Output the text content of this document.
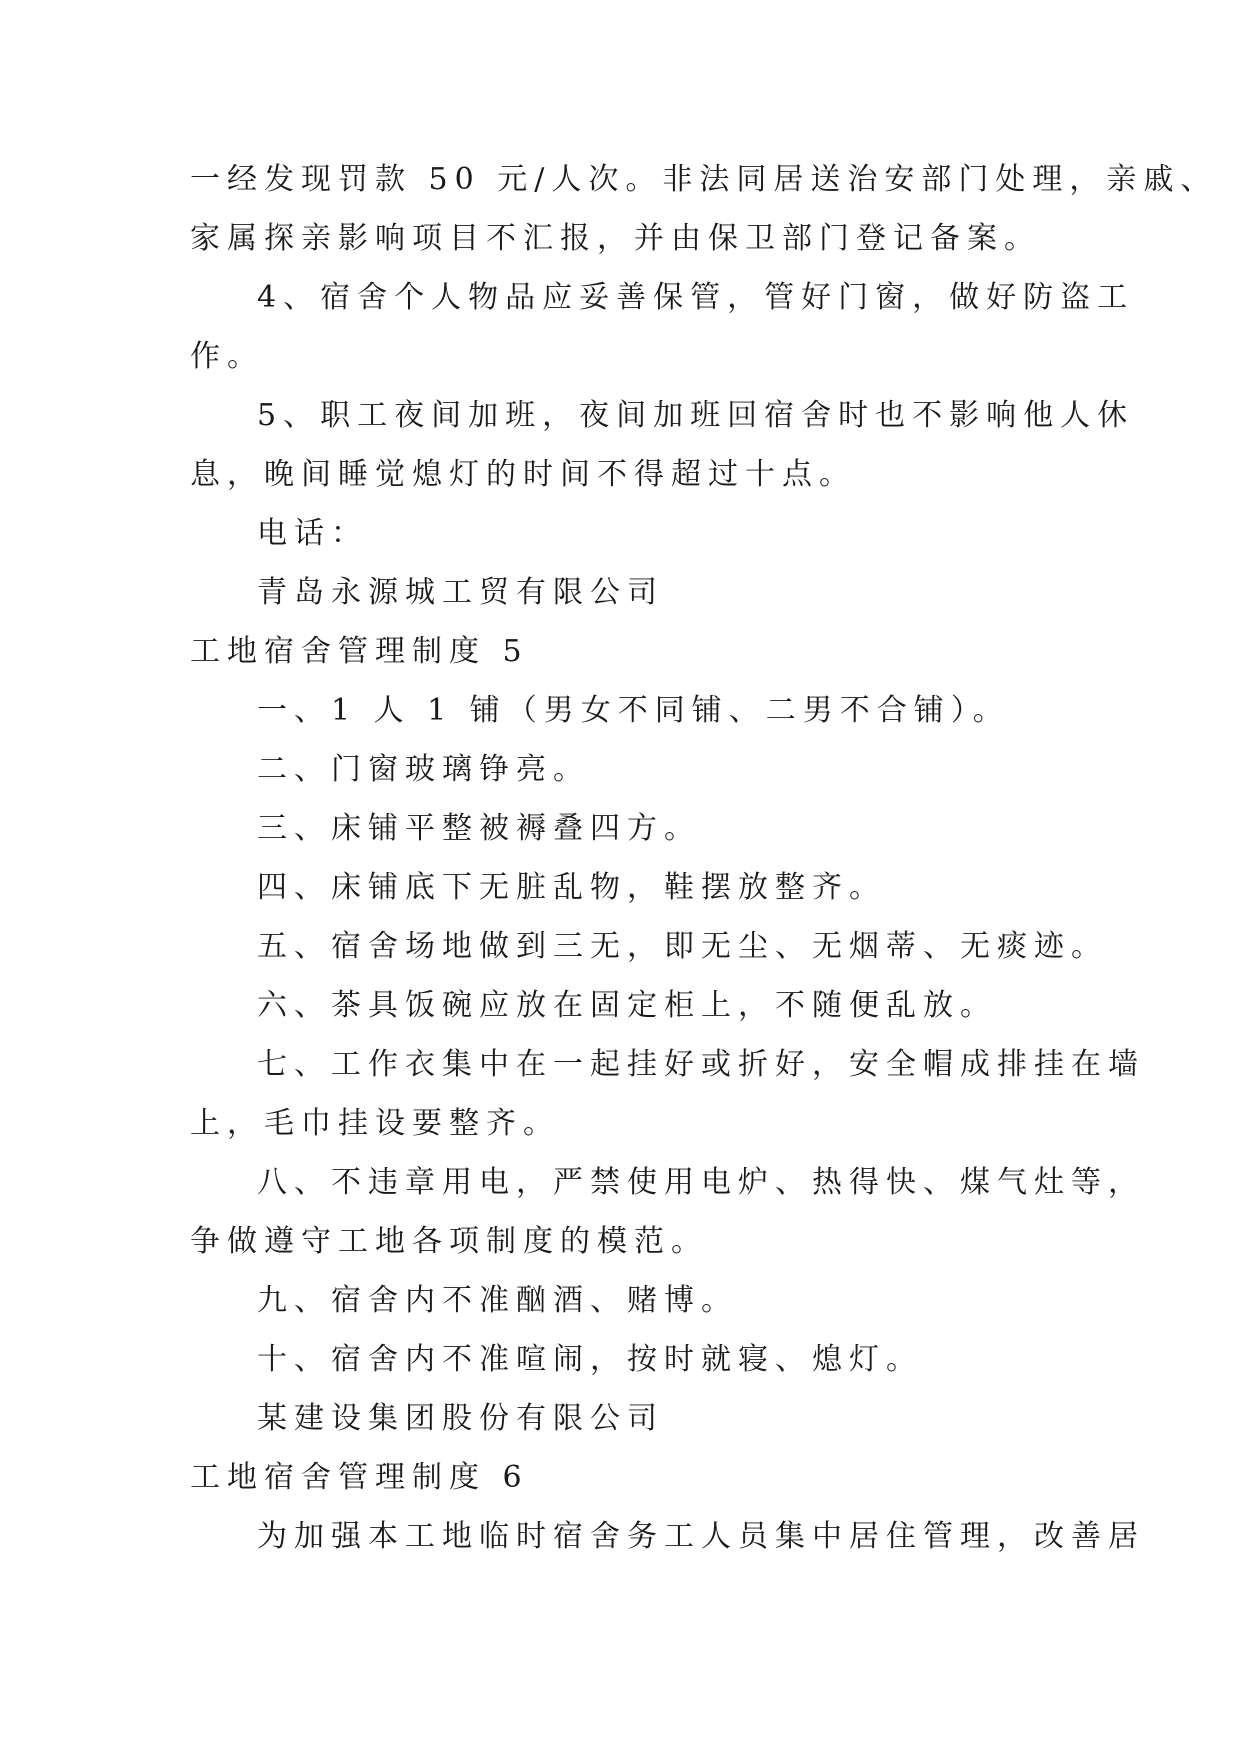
一经发现罚款 50 元/人次。非法同居送治安部门处理，亲戚、
家属探亲影响项目不汇报，并由保卫部门登记备案。
4、宿舍个人物品应妥善保管，管好门窗，做好防盗工
作。
5、职工夜间加班，夜间加班回宿舍时也不影响他人休
息，晚间睡觉熄灯的时间不得超过十点。
电话：
青岛永源城工贸有限公司
工地宿舍管理制度 5
一、1 人 1 铺（男女不同铺、二男不合铺）。
二、门窗玻璃铮亮。
三、床铺平整被褥叠四方。
四、床铺底下无脏乱物，鞋摆放整齐。
五、宿舍场地做到三无，即无尘、无烟蒂、无痰迹。
六、茶具饭碗应放在固定柜上，不随便乱放。
七、工作衣集中在一起挂好或折好，安全帽成排挂在墙
上，毛巾挂设要整齐。
八、不违章用电，严禁使用电炉、热得快、煤气灶等，
争做遵守工地各项制度的模范。
九、宿舍内不准酗酒、赌博。
十、宿舍内不准喧闹，按时就寝、熄灯。
某建设集团股份有限公司
工地宿舍管理制度 6
为加强本工地临时宿舍务工人员集中居住管理，改善居
